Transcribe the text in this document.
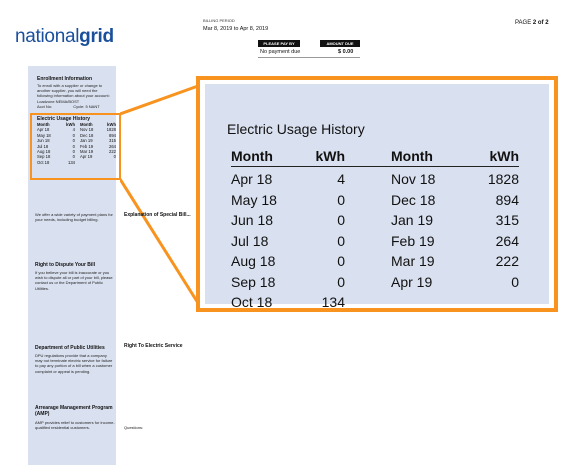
nationalgrid
BILLING PERIOD
Mar 8, 2019 to Apr 8, 2019
PAGE 2 of 2
PLEASE PAY BY	AMOUNT DUE
No payment due	$ 0.00
Enrollment Information
To enroll with a supplier or change to
another supplier, you will need the
following information about your account:
Loadzone NEMA/BOST
Acct No:	Cycle: 5 NANT
Electric Usage History
Month	kWh	Month	kWh
Apr 18	4	Nov 18	1828
May 18	0	Dec 18	894
Jun 18	0	Jan 19	315
Jul 18	0	Feb 19	264
Aug 18	0	Mar 19	222
Sep 18	0	Apr 19	0
Oct 18	134
We offer a wide variety of payment plans for your needs, including budget billing.
Right to Dispute Your Bill
If you believe your bill is inaccurate or you wish to dispute all or part of your bill, please contact us or the Department of Public Utilities.
Department of Public Utilities
DPU regulations provide that a company may not terminate electric service for failure to pay any portion of a bill when a customer complaint or appeal is pending.
Arrearage Management Program (AMP)
AMP provides relief to customers for income-qualified residential customers.
Explanation of Special Bill...
Right To Electric Service
Questions:
Electric Usage History
Month	kWh	Month	kWh
Apr 18	4	Nov 18	1828
May 18	0	Dec 18	894
Jun 18	0	Jan 19	315
Jul 18	0	Feb 19	264
Aug 18	0	Mar 19	222
Sep 18	0	Apr 19	0
Oct 18	134
